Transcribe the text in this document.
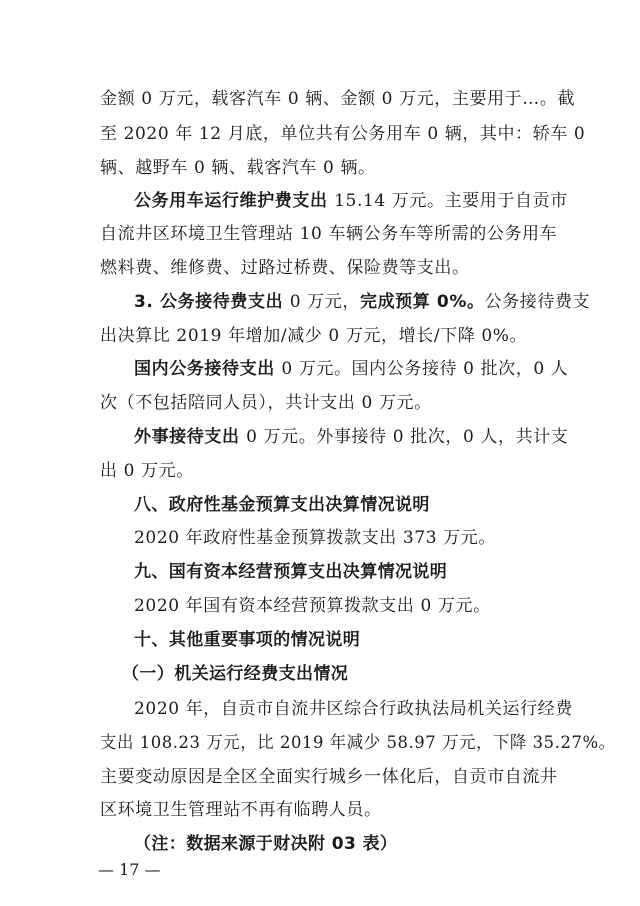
金额 0 万元，载客汽车 0 辆、金额 0 万元，主要用于…。截
至 2020 年 12 月底，单位共有公务用车 0 辆，其中：轿车 0
辆、越野车 0 辆、载客汽车 0 辆。
公务用车运行维护费支出 15.14 万元。主要用于自贡市
自流井区环境卫生管理站 10 车辆公务车等所需的公务用车
燃料费、维修费、过路过桥费、保险费等支出。
3. 公务接待费支出 0 万元，完成预算 0%。公务接待费支
出决算比 2019 年增加/减少 0 万元，增长/下降 0%。
国内公务接待支出 0 万元。国内公务接待 0 批次，0 人
次（不包括陪同人员），共计支出 0 万元。
外事接待支出 0 万元。外事接待 0 批次，0 人，共计支
出 0 万元。
八、政府性基金预算支出决算情况说明
2020 年政府性基金预算拨款支出 373 万元。
九、国有资本经营预算支出决算情况说明
2020 年国有资本经营预算拨款支出 0 万元。
十、其他重要事项的情况说明
（一）机关运行经费支出情况
2020 年，自贡市自流井区综合行政执法局机关运行经费
支出 108.23 万元，比 2019 年减少 58.97 万元，下降 35.27%。
主要变动原因是全区全面实行城乡一体化后，自贡市自流井
区环境卫生管理站不再有临聘人员。
（注：数据来源于财决附 03 表）
— 17 —
